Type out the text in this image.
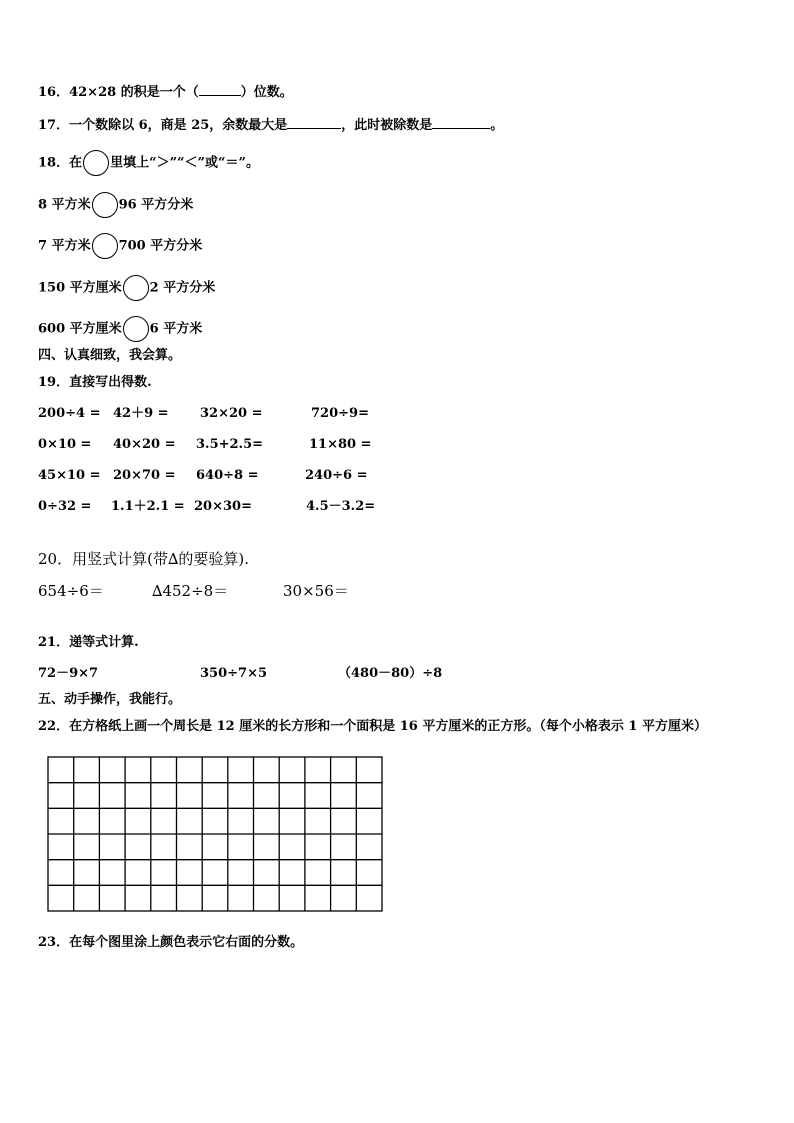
16．42×28 的积是一个（	）位数。
17．一个数除以 6，商是 25，余数最大是	，此时被除数是	。
18．在 里填上“＞”“＜”或“＝”。
8 平方米 96 平方分米
7 平方米 700 平方分米
150 平方厘米 2 平方分米
600 平方厘米 6 平方米
四、认真细致，我会算。
19．直接写出得数.
200÷4 = 42＋9 = 32×20 =	720÷9=
0×10 = 40×20 = 3.5+2.5=	11×80 =
45×10 = 20×70 = 640÷8 =	240÷6 =
0÷32 = 1.1＋2.1 = 20×30=	4.5－3.2=
20．用竖式计算(带∆的要验算).
654÷6＝	∆452÷8＝	30×56＝
21．递等式计算.
72－9×7	350÷7×5	（480－80）÷8
五、动手操作，我能行。
22．在方格纸上画一个周长是 12 厘米的长方形和一个面积是 16 平方厘米的正方形。（每个小格表示 1 平方厘米）
23．在每个图里涂上颜色表示它右面的分数。
